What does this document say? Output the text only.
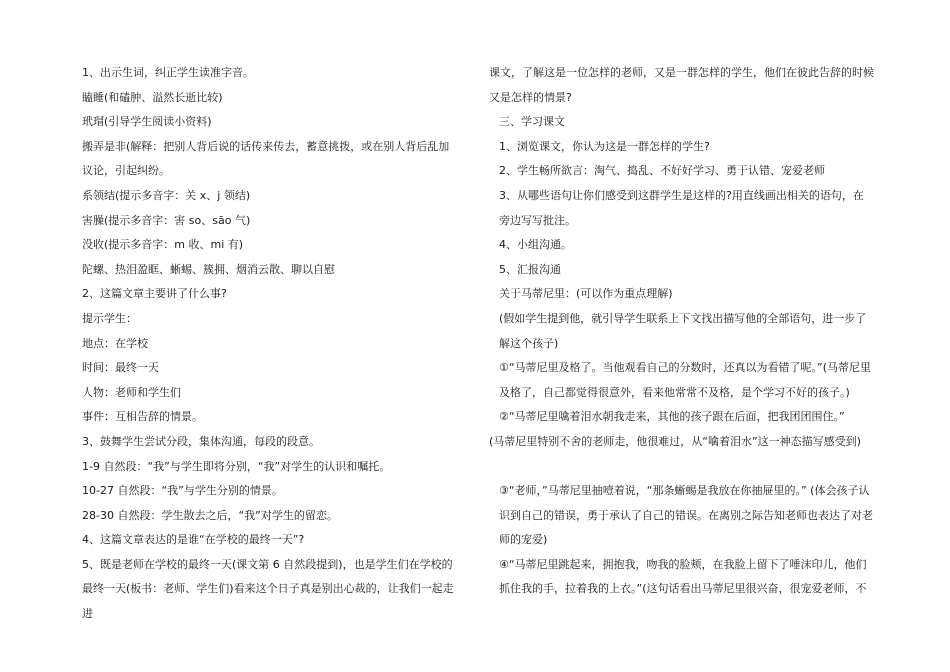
1、出示生词，纠正学生读准字音。

瞌睡(和磕肿、溢然长逝比较)

玳瑁(引导学生阅读小资料)

搬弄是非(解释：把别人背后说的话传来传去，蓄意挑拨，或在别人背后乱加议论，引起纠纷。

系领结(提示多音字：关 x、j 领结)

害臊(提示多音字：害 so、sāo 气)

没收(提示多音字：m 收、mi 有)

陀螺、热泪盈眶、蜥蜴、簇拥、烟消云散、聊以自慰

2、这篇文章主要讲了什么事?

提示学生：

地点：在学校

时间：最终一天

人物：老师和学生们

事件：互相告辞的情景。

3、鼓舞学生尝试分段，集体沟通，每段的段意。

1-9 自然段：“我”与学生即将分别，“我”对学生的认识和嘱托。

10-27 自然段：“我”与学生分别的情景。

28-30 自然段：学生散去之后，“我”对学生的留恋。

4、这篇文章表达的是谁“在学校的最终一天”?

5、既是老师在学校的最终一天(课文第 6 自然段提到)，也是学生们在学校的最终一天(板书：老师、学生们)看来这个日子真是别出心裁的，让我们一起走进

课文，了解这是一位怎样的老师，又是一群怎样的学生，他们在彼此告辞的时候又是怎样的情景?

三、学习课文

1、浏览课文，你认为这是一群怎样的学生?

2、学生畅所欲言：淘气、捣乱、不好好学习、勇于认错、宠爱老师

3、从哪些语句让你们感受到这群学生是这样的?用直线画出相关的语句，在旁边写写批注。

4、小组沟通。

5、汇报沟通

关于马蒂尼里：(可以作为重点理解)

(假如学生提到他，就引导学生联系上下文找出描写他的全部语句，进一步了解这个孩子)

①“马蒂尼里及格了。当他观看自己的分数时，还真以为看错了呢。”(马蒂尼里及格了，自己都觉得很意外，看来他常常不及格，是个学习不好的孩子。)

②“马蒂尼里噙着泪水朝我走来，其他的孩子跟在后面，把我团团围住。”

(马蒂尼里特别不舍的老师走，他很难过，从“噙着泪水”这一神态描写感受到)

③“老师，”马蒂尼里抽噎着说，“那条蜥蜴是我放在你抽屉里的。” (体会孩子认识到自己的错误，勇于承认了自己的错误。在离别之际告知老师也表达了对老师的宠爱)

④“马蒂尼里跳起来，拥抱我，吻我的脸颊，在我脸上留下了唾沫印儿，他们抓住我的手，拉着我的上衣。”(这句话看出马蒂尼里很兴奋，很宠爱老师，不
